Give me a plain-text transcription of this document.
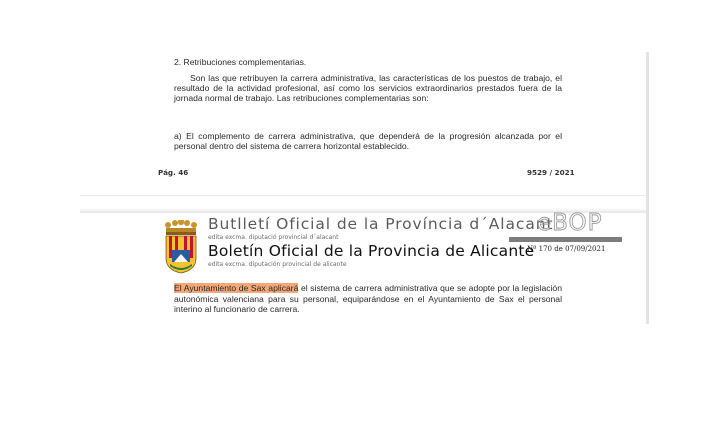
2. Retribuciones complementarias.

Son las que retribuyen la carrera administrativa, las características de los puestos de trabajo, el resultado de la actividad profesional, así como los servicios extraordinarios prestados fuera de la jornada normal de trabajo. Las retribuciones complementarias son:

a) El complemento de carrera administrativa, que dependerá de la progresión alcanzada por el personal dentro del sistema de carrera horizontal establecido.

Pág. 46	9529 / 2021
Butlletí Oficial de la Província d´Alacant
edita excma. diputació provincial d´alacant
Boletín Oficial de la Provincia de Alicante
edita excma. diputación provincial de alicante
eBOP
Nº 170 de 07/09/2021

El Ayuntamiento de Sax aplicará el sistema de carrera administrativa que se adopte por la legislación autonómica valenciana para su personal, equiparándose en el Ayuntamiento de Sax el personal interino al funcionario de carrera.
